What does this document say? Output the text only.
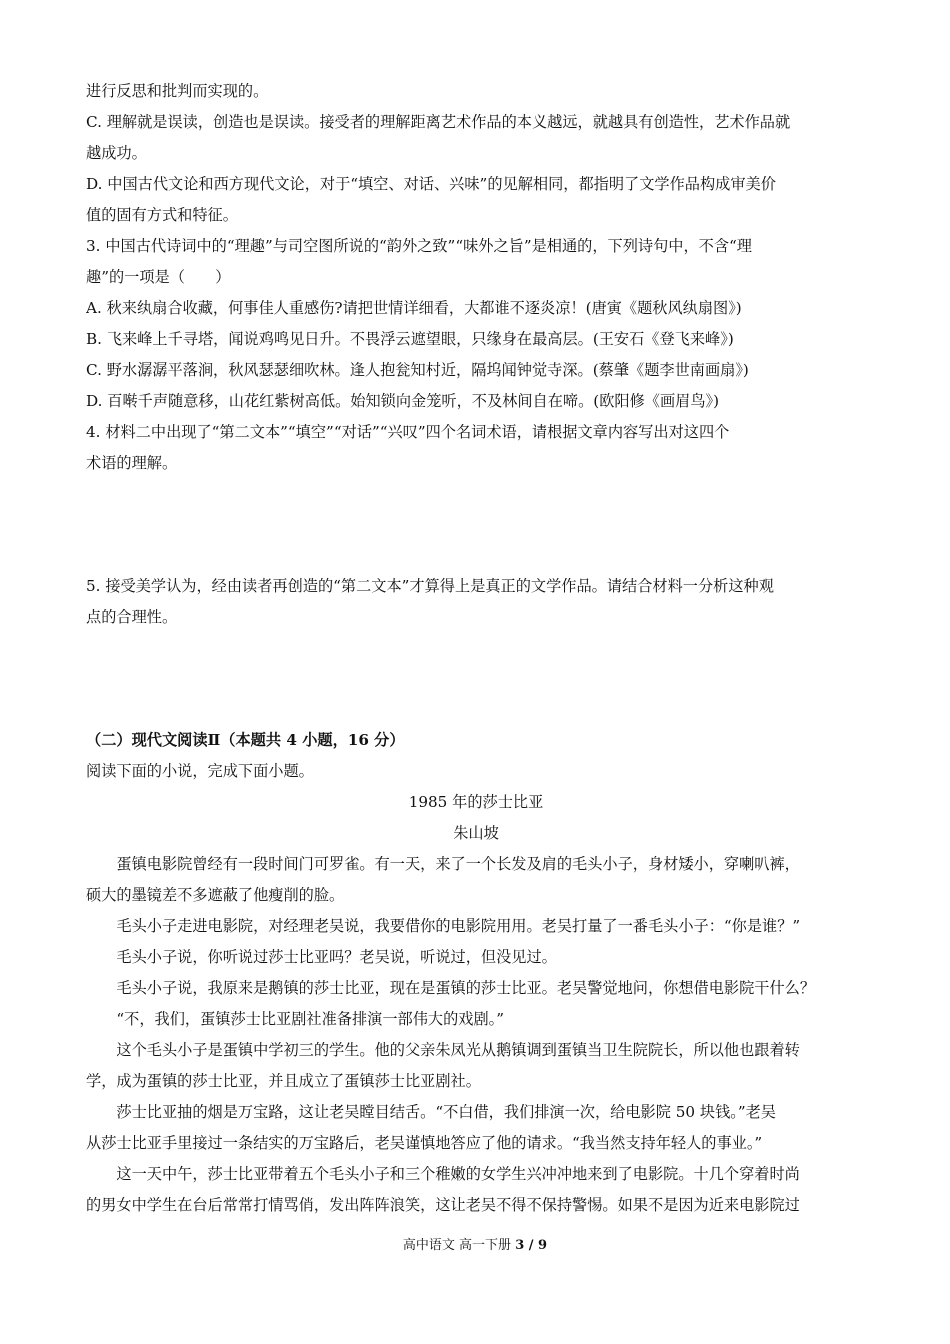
进行反思和批判而实现的。
C. 理解就是误读，创造也是误读。接受者的理解距离艺术作品的本义越远，就越具有创造性，艺术作品就
越成功。
D. 中国古代文论和西方现代文论，对于“填空、对话、兴味”的见解相同，都指明了文学作品构成审美价
值的固有方式和特征。
3. 中国古代诗词中的“理趣”与司空图所说的“韵外之致”“味外之旨”是相通的，下列诗句中，不含“理
趣”的一项是（　　）
A. 秋来纨扇合收藏，何事佳人重感伤?请把世情详细看，大都谁不逐炎凉！(唐寅《题秋风纨扇图》)
B. 飞来峰上千寻塔，闻说鸡鸣见日升。不畏浮云遮望眼，只缘身在最高层。(王安石《登飞来峰》)
C. 野水潺潺平落涧，秋风瑟瑟细吹林。逢人抱瓮知村近，隔坞闻钟觉寺深。(蔡肇《题李世南画扇》)
D. 百啭千声随意移，山花红紫树高低。始知锁向金笼听，不及林间自在啼。(欧阳修《画眉鸟》)
4. 材料二中出现了“第二文本”“填空”“对话”“兴叹”四个名词术语，请根据文章内容写出对这四个
术语的理解。
5. 接受美学认为，经由读者再创造的“第二文本”才算得上是真正的文学作品。请结合材料一分析这种观
点的合理性。
（二）现代文阅读Ⅱ（本题共 4 小题，16 分）
阅读下面的小说，完成下面小题。
1985 年的莎士比亚
朱山坡
蛋镇电影院曾经有一段时间门可罗雀。有一天，来了一个长发及肩的毛头小子，身材矮小，穿喇叭裤，
硕大的墨镜差不多遮蔽了他瘦削的脸。
毛头小子走进电影院，对经理老吴说，我要借你的电影院用用。老吴打量了一番毛头小子：“你是谁？”
毛头小子说，你听说过莎士比亚吗？老吴说，听说过，但没见过。
毛头小子说，我原来是鹅镇的莎士比亚，现在是蛋镇的莎士比亚。老吴警觉地问，你想借电影院干什么？
“不，我们，蛋镇莎士比亚剧社准备排演一部伟大的戏剧。”
这个毛头小子是蛋镇中学初三的学生。他的父亲朱凤光从鹅镇调到蛋镇当卫生院院长，所以他也跟着转
学，成为蛋镇的莎士比亚，并且成立了蛋镇莎士比亚剧社。
莎士比亚抽的烟是万宝路，这让老吴瞠目结舌。“不白借，我们排演一次，给电影院 50 块钱。”老吴
从莎士比亚手里接过一条结实的万宝路后，老吴谨慎地答应了他的请求。“我当然支持年轻人的事业。”
这一天中午，莎士比亚带着五个毛头小子和三个稚嫩的女学生兴冲冲地来到了电影院。十几个穿着时尚
的男女中学生在台后常常打情骂俏，发出阵阵浪笑，这让老吴不得不保持警惕。如果不是因为近来电影院过
高中语文 高一下册 3 / 9
